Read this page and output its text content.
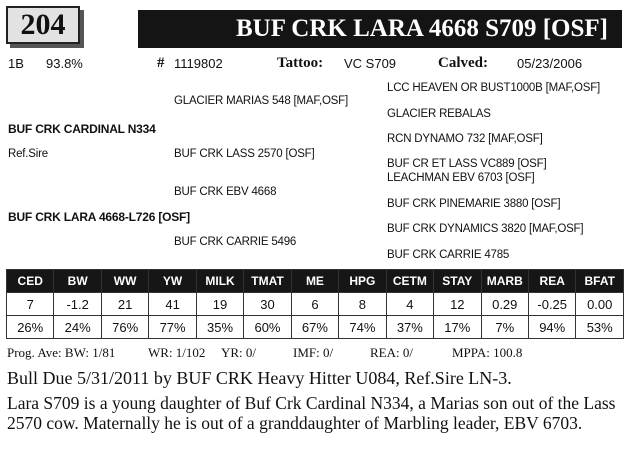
204	BUF CRK LARA 4668 S709 [OSF]
1B 93.8%	# 1119802	Tattoo: VC S709	Calved: 05/23/2006
LCC HEAVEN OR BUST1000B [MAF,OSF]
GLACIER MARIAS 548 [MAF,OSF]
GLACIER REBALAS
BUF CRK CARDINAL N334
RCN DYNAMO 732 [MAF,OSF]
Ref.Sire	BUF CRK LASS 2570 [OSF]
BUF CR ET LASS VC889 [OSF]
LEACHMAN EBV 6703 [OSF]
BUF CRK EBV 4668
BUF CRK PINEMARIE 3880 [OSF]
BUF CRK LARA 4668-L726 [OSF]
BUF CRK DYNAMICS 3820 [MAF,OSF]
BUF CRK CARRIE 5496
BUF CRK CARRIE 4785
CED	BW	WW	YW	MILK	TMAT	ME	HPG	CETM	STAY	MARB	REA	BFAT
7	-1.2	21	41	19	30	6	8	4	12	0.29	-0.25	0.00
26%	24%	76%	77%	35%	60%	67%	74%	37%	17%	7%	94%	53%
Prog. Ave: BW: 1/81	WR: 1/102 YR: 0/	IMF: 0/	REA: 0/	MPPA: 100.8
Bull Due 5/31/2011 by BUF CRK Heavy Hitter U084, Ref.Sire LN-3.
Lara S709 is a young daughter of Buf Crk Cardinal N334, a Marias son out of the Lass 2570 cow. Maternally he is out of a granddaughter of Marbling leader, EBV 6703.
